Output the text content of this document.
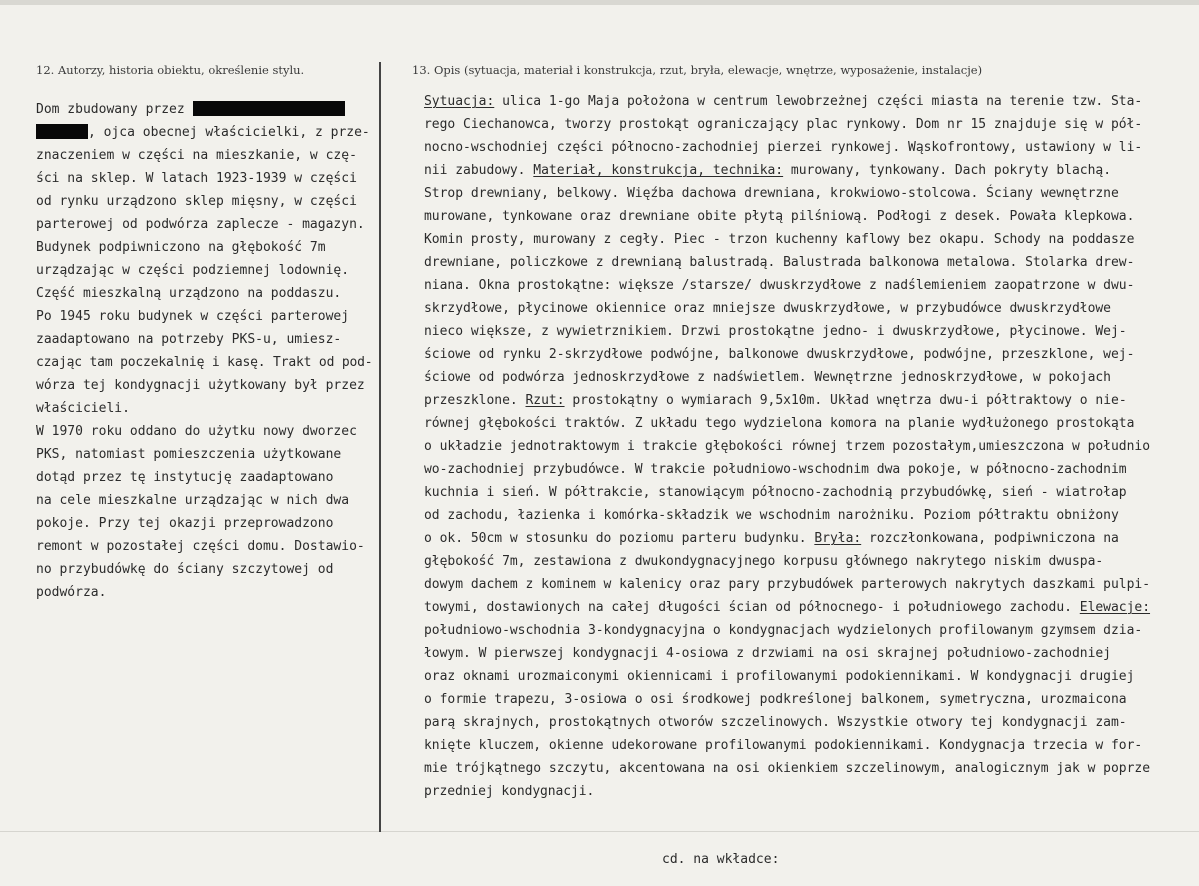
12. Autorzy, historia obiektu, określenie stylu.	13. Opis (sytuacja, materiał i konstrukcja, rzut, bryła, elewacje, wnętrze, wyposażenie, instalacje)
Dom zbudowany przez
, ojca obecnej właścicielki, z prze-
znaczeniem w części na mieszkanie, w czę-
ści na sklep. W latach 1923-1939 w części
od rynku urządzono sklep mięsny, w części
parterowej od podwórza zaplecze - magazyn.
Budynek podpiwniczono na głębokość 7m
urządzając w części podziemnej lodownię.
Część mieszkalną urządzono na poddaszu.
Po 1945 roku budynek w części parterowej
zaadaptowano na potrzeby PKS-u, umiesz-
czając tam poczekalnię i kasę. Trakt od pod-
wórza tej kondygnacji użytkowany był przez
właścicieli.
W 1970 roku oddano do użytku nowy dworzec
PKS, natomiast pomieszczenia użytkowane
dotąd przez tę instytucję zaadaptowano
na cele mieszkalne urządzając w nich dwa
pokoje. Przy tej okazji przeprowadzono
remont w pozostałej części domu. Dostawio-
no przybudówkę do ściany szczytowej od
podwórza.
Sytuacja: ulica 1-go Maja położona w centrum lewobrzeżnej części miasta na terenie tzw. Sta-
rego Ciechanowca, tworzy prostokąt ograniczający plac rynkowy. Dom nr 15 znajduje się w pół-
nocno-wschodniej części północno-zachodniej pierzei rynkowej. Wąskofrontowy, ustawiony w li-
nii zabudowy. Materiał, konstrukcja, technika: murowany, tynkowany. Dach pokryty blachą.
Strop drewniany, belkowy. Więźba dachowa drewniana, krokwiowo-stolcowa. Ściany wewnętrzne
murowane, tynkowane oraz drewniane obite płytą pilśniową. Podłogi z desek. Powała klepkowa.
Komin prosty, murowany z cegły. Piec - trzon kuchenny kaflowy bez okapu. Schody na poddasze
drewniane, policzkowe z drewnianą balustradą. Balustrada balkonowa metalowa. Stolarka drew-
niana. Okna prostokątne: większe /starsze/ dwuskrzydłowe z nadślemieniem zaopatrzone w dwu-
skrzydłowe, płycinowe okiennice oraz mniejsze dwuskrzydłowe, w przybudówce dwuskrzydłowe
nieco większe, z wywietrznikiem. Drzwi prostokątne jedno- i dwuskrzydłowe, płycinowe. Wej-
ściowe od rynku 2-skrzydłowe podwójne, balkonowe dwuskrzydłowe, podwójne, przeszklone, wej-
ściowe od podwórza jednoskrzydłowe z nadświetlem. Wewnętrzne jednoskrzydłowe, w pokojach
przeszklone. Rzut: prostokątny o wymiarach 9,5x10m. Układ wnętrza dwu-i półtraktowy o nie-
równej głębokości traktów. Z układu tego wydzielona komora na planie wydłużonego prostokąta
o układzie jednotraktowym i trakcie głębokości równej trzem pozostałym,umieszczona w południo
wo-zachodniej przybudówce. W trakcie południowo-wschodnim dwa pokoje, w północno-zachodnim
kuchnia i sień. W półtrakcie, stanowiącym północno-zachodnią przybudówkę, sień - wiatrołap
od zachodu, łazienka i komórka-składzik we wschodnim narożniku. Poziom półtraktu obniżony
o ok. 50cm w stosunku do poziomu parteru budynku. Bryła: rozczłonkowana, podpiwniczona na
głębokość 7m, zestawiona z dwukondygnacyjnego korpusu głównego nakrytego niskim dwuspa-
dowym dachem z kominem w kalenicy oraz pary przybudówek parterowych nakrytych daszkami pulpi-
towymi, dostawionych na całej długości ścian od północnego- i południowego zachodu. Elewacje:
południowo-wschodnia 3-kondygnacyjna o kondygnacjach wydzielonych profilowanym gzymsem dzia-
łowym. W pierwszej kondygnacji 4-osiowa z drzwiami na osi skrajnej południowo-zachodniej
oraz oknami urozmaiconymi okiennicami i profilowanymi podokiennikami. W kondygnacji drugiej
o formie trapezu, 3-osiowa o osi środkowej podkreślonej balkonem, symetryczna, urozmaicona
parą skrajnych, prostokątnych otworów szczelinowych. Wszystkie otwory tej kondygnacji zam-
knięte kluczem, okienne udekorowane profilowanymi podokiennikami. Kondygnacja trzecia w for-
mie trójkątnego szczytu, akcentowana na osi okienkiem szczelinowym, analogicznym jak w poprze
przedniej kondygnacji.
cd. na wkładce:
